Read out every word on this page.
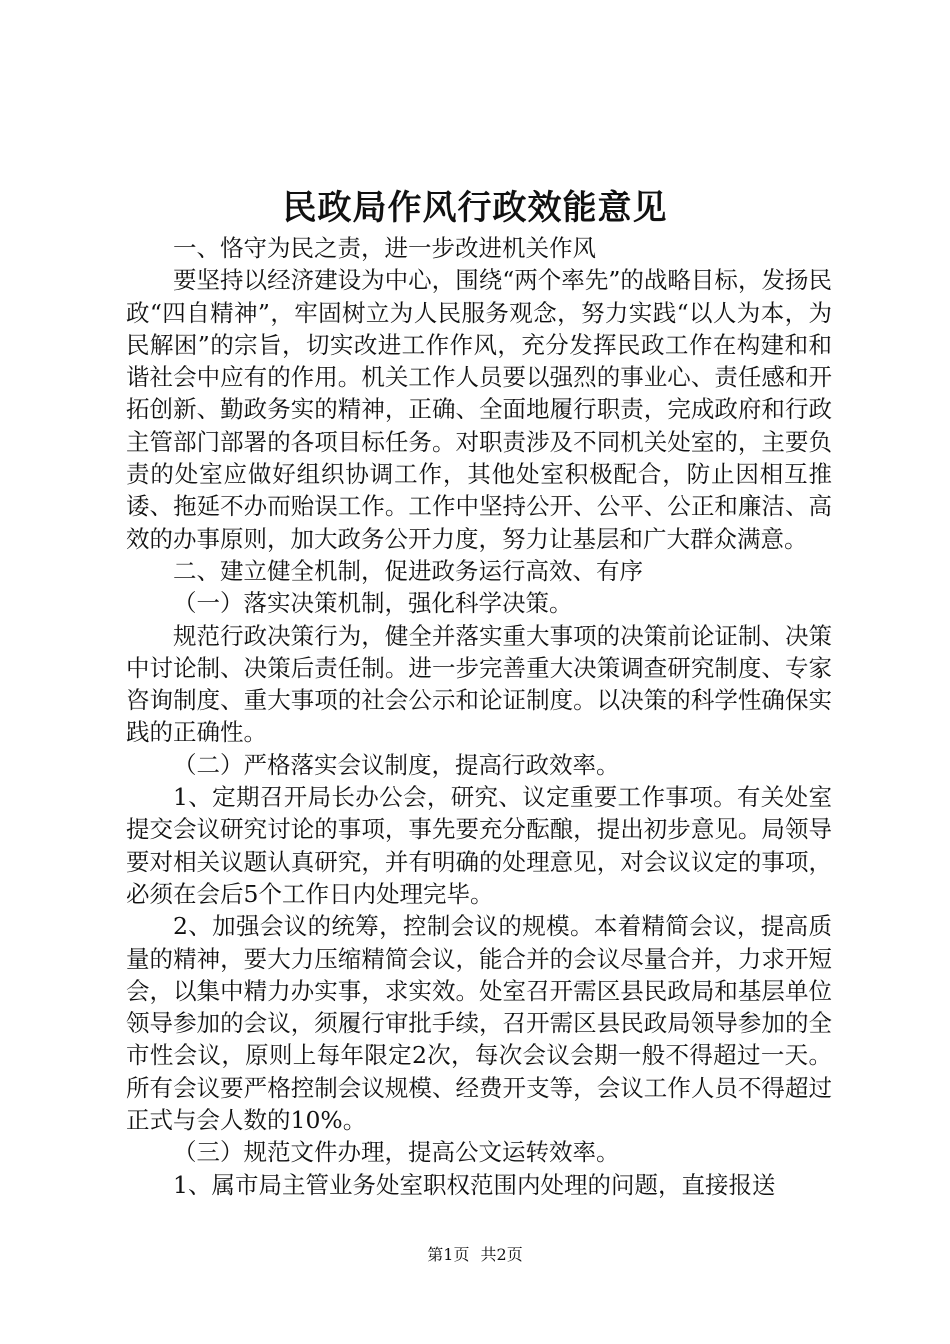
民政局作风行政效能意见

一、恪守为民之责，进一步改进机关作风

要坚持以经济建设为中心，围绕“两个率先”的战略目标，发扬民政“四自精神”，牢固树立为人民服务观念，努力实践“以人为本，为民解困”的宗旨，切实改进工作作风，充分发挥民政工作在构建和和谐社会中应有的作用。机关工作人员要以强烈的事业心、责任感和开拓创新、勤政务实的精神，正确、全面地履行职责，完成政府和行政主管部门部署的各项目标任务。对职责涉及不同机关处室的，主要负责的处室应做好组织协调工作，其他处室积极配合，防止因相互推诿、拖延不办而贻误工作。工作中坚持公开、公平、公正和廉洁、高效的办事原则，加大政务公开力度，努力让基层和广大群众满意。

二、建立健全机制，促进政务运行高效、有序

（一）落实决策机制，强化科学决策。

规范行政决策行为，健全并落实重大事项的决策前论证制、决策中讨论制、决策后责任制。进一步完善重大决策调查研究制度、专家咨询制度、重大事项的社会公示和论证制度。以决策的科学性确保实践的正确性。

（二）严格落实会议制度，提高行政效率。

1、定期召开局长办公会，研究、议定重要工作事项。有关处室提交会议研究讨论的事项，事先要充分酝酿，提出初步意见。局领导要对相关议题认真研究，并有明确的处理意见，对会议议定的事项，必须在会后5个工作日内处理完毕。

2、加强会议的统筹，控制会议的规模。本着精简会议，提高质量的精神，要大力压缩精简会议，能合并的会议尽量合并，力求开短会，以集中精力办实事，求实效。处室召开需区县民政局和基层单位领导参加的会议，须履行审批手续，召开需区县民政局领导参加的全市性会议，原则上每年限定2次，每次会议会期一般不得超过一天。所有会议要严格控制会议规模、经费开支等，会议工作人员不得超过正式与会人数的10%。

（三）规范文件办理，提高公文运转效率。

1、属市局主管业务处室职权范围内处理的问题，直接报送

第1页 共2页
